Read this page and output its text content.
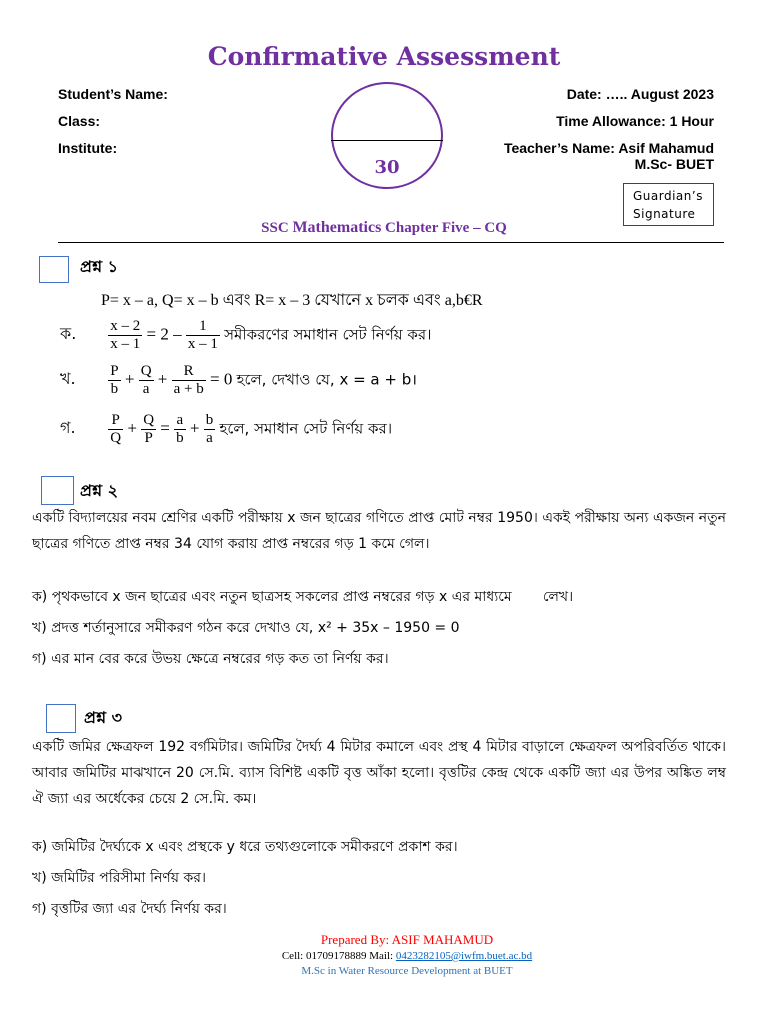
Confirmative Assessment
Student’s Name:
Class:
Institute:
Date: ….. August 2023
Time Allowance: 1 Hour
Teacher’s Name: Asif Mahamud
M.Sc- BUET
30
Guardian’s Signature
SSC Mathematics Chapter Five – CQ
প্রশ্ন ১
P= x – a, Q= x – b এবং R= x – 3 যেখানে x চলক এবং a,b€R
ক. $\frac{x - 2}{x - 1} = 2 - \frac{1}{x - 1}$ সমীকরণের সমাধান সেট নির্ণয় কর।
খ. $\frac{P}{b} + \frac{Q}{a} + \frac{R}{a + b} = 0$ হলে, দেখাও যে, x = a + b।
গ. $\frac{P}{Q} + \frac{Q}{P} = \frac{a}{b} + \frac{b}{a}$ হলে, সমাধান সেট নির্ণয় কর।
প্রশ্ন ২
একটি বিদ্যালয়ের নবম শ্রেণির একটি পরীক্ষায় x জন ছাত্রের গণিতে প্রাপ্ত মোট নম্বর 1950। একই পরীক্ষায় অন্য একজন নতুন ছাত্রের গণিতে প্রাপ্ত নম্বর 34 যোগ করায় প্রাপ্ত নম্বরের গড় 1 কমে গেল।
ক) পৃথকভাবে x জন ছাত্রের এবং নতুন ছাত্রসহ সকলের প্রাপ্ত নম্বরের গড় x এর মাধ্যমে       লেখ।
খ) প্রদত্ত শর্তানুসারে সমীকরণ গঠন করে দেখাও যে, x² + 35x – 1950 = 0
গ) এর মান বের করে উভয় ক্ষেত্রে নম্বরের গড় কত তা নির্ণয় কর।
প্রশ্ন ৩
একটি জমির ক্ষেত্রফল 192 বর্গমিটার। জমিটির দৈর্ঘ্য 4 মিটার কমালে এবং প্রস্থ 4 মিটার বাড়ালে ক্ষেত্রফল অপরিবর্তিত থাকে। আবার জমিটির মাঝখানে 20 সে.মি. ব্যাস বিশিষ্ট একটি বৃত্ত আঁকা হলো। বৃত্তটির কেন্দ্র থেকে একটি জ্যা এর উপর অঙ্কিত লম্ব ঐ জ্যা এর অর্ধেকের চেয়ে 2 সে.মি. কম।
ক) জমিটির দৈর্ঘ্যকে x এবং প্রস্থকে y ধরে তথ্যগুলোকে সমীকরণে প্রকাশ কর।
খ) জমিটির পরিসীমা নির্ণয় কর।
গ) বৃত্তটির জ্যা এর দৈর্ঘ্য নির্ণয় কর।
Prepared By: ASIF MAHAMUD
Cell: 01709178889 Mail: 0423282105@iwfm.buet.ac.bd
M.Sc in Water Resource Development at BUET
